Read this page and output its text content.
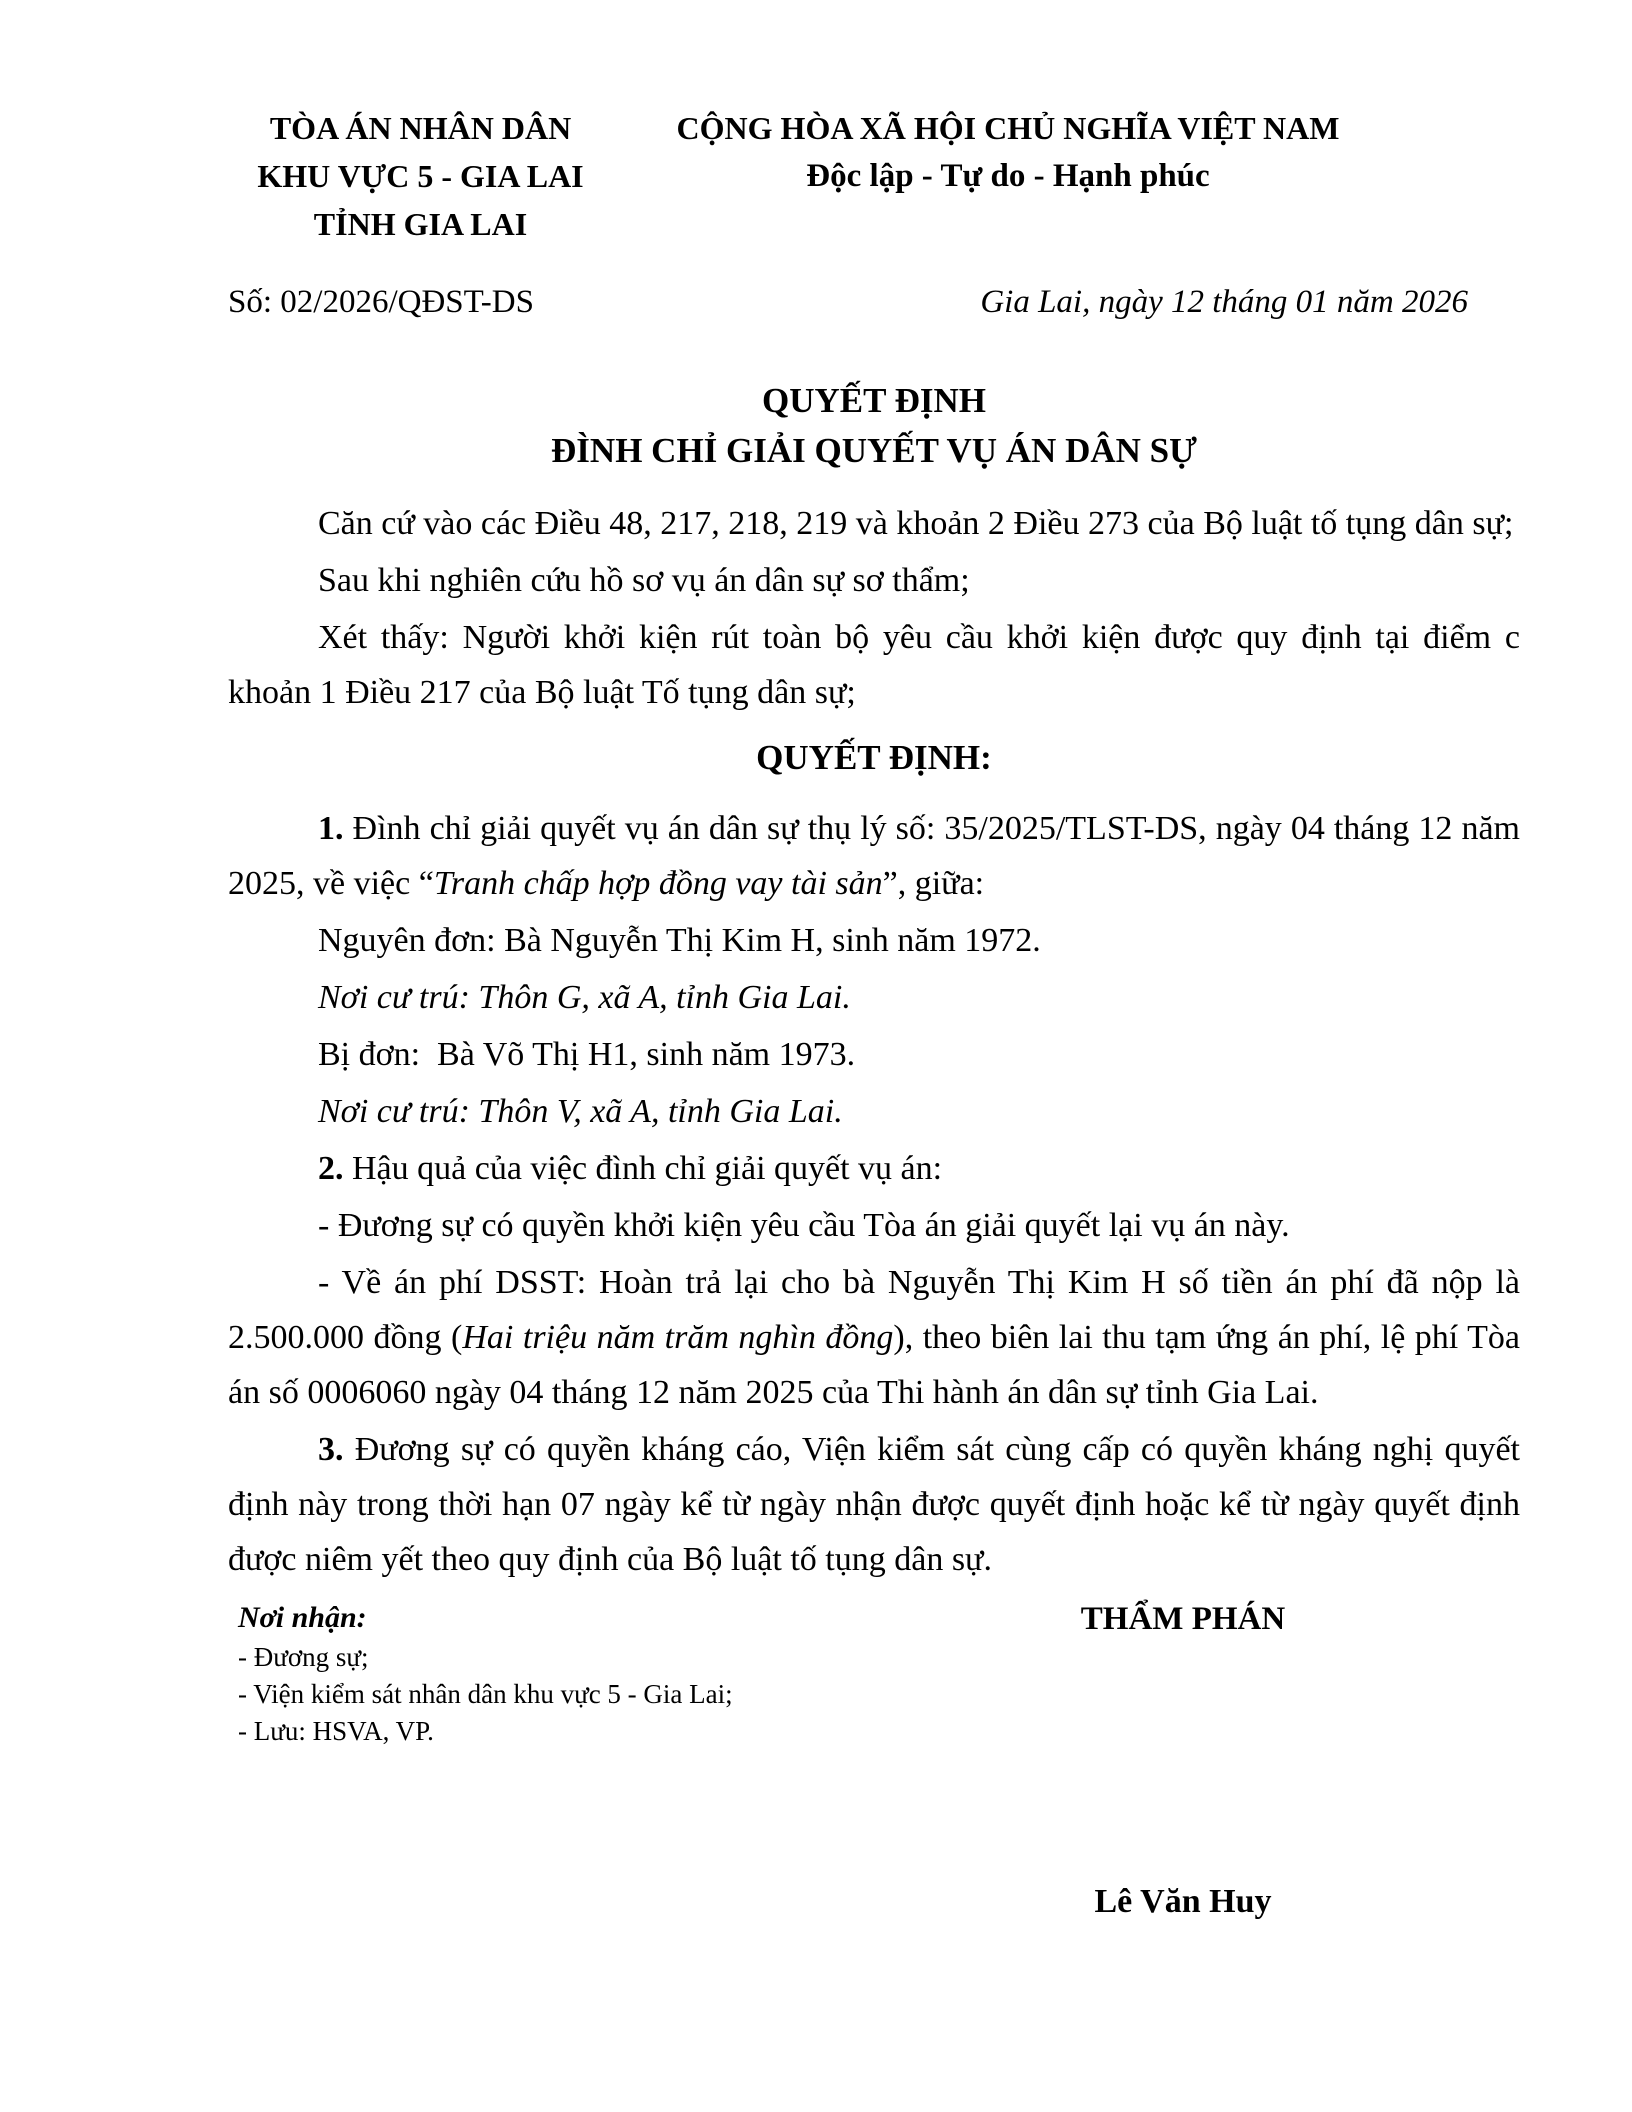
TÒA ÁN NHÂN DÂN
KHU VỰC 5 - GIA LAI
TỈNH GIA LAI
CỘNG HÒA XÃ HỘI CHỦ NGHĨA VIỆT NAM
Độc lập - Tự do - Hạnh phúc
Số: 02/2026/QĐST-DS	Gia Lai, ngày 12 tháng 01 năm 2026
QUYẾT ĐỊNH
ĐÌNH CHỈ GIẢI QUYẾT VỤ ÁN DÂN SỰ

Căn cứ vào các Điều 48, 217, 218, 219 và khoản 2 Điều 273 của Bộ luật tố tụng dân sự;

Sau khi nghiên cứu hồ sơ vụ án dân sự sơ thẩm;

Xét thấy: Người khởi kiện rút toàn bộ yêu cầu khởi kiện được quy định tại điểm c khoản 1 Điều 217 của Bộ luật Tố tụng dân sự;

QUYẾT ĐỊNH:

1. Đình chỉ giải quyết vụ án dân sự thụ lý số: 35/2025/TLST-DS, ngày 04 tháng 12 năm 2025, về việc “Tranh chấp hợp đồng vay tài sản”, giữa:

Nguyên đơn: Bà Nguyễn Thị Kim H, sinh năm 1972.

Nơi cư trú: Thôn G, xã A, tỉnh Gia Lai.

Bị đơn:  Bà Võ Thị H1, sinh năm 1973.

Nơi cư trú: Thôn V, xã A, tỉnh Gia Lai.

2. Hậu quả của việc đình chỉ giải quyết vụ án:

- Đương sự có quyền khởi kiện yêu cầu Tòa án giải quyết lại vụ án này.

- Về án phí DSST: Hoàn trả lại cho bà Nguyễn Thị Kim H số tiền án phí đã nộp là 2.500.000 đồng (Hai triệu năm trăm nghìn đồng), theo biên lai thu tạm ứng án phí, lệ phí Tòa án số 0006060 ngày 04 tháng 12 năm 2025 của Thi hành án dân sự tỉnh Gia Lai.

3. Đương sự có quyền kháng cáo, Viện kiểm sát cùng cấp có quyền kháng nghị quyết định này trong thời hạn 07 ngày kể từ ngày nhận được quyết định hoặc kể từ ngày quyết định được niêm yết theo quy định của Bộ luật tố tụng dân sự.

Nơi nhận:
- Đương sự;
- Viện kiểm sát nhân dân khu vực 5 - Gia Lai;
- Lưu: HSVA, VP.
THẨM PHÁN
Lê Văn Huy
